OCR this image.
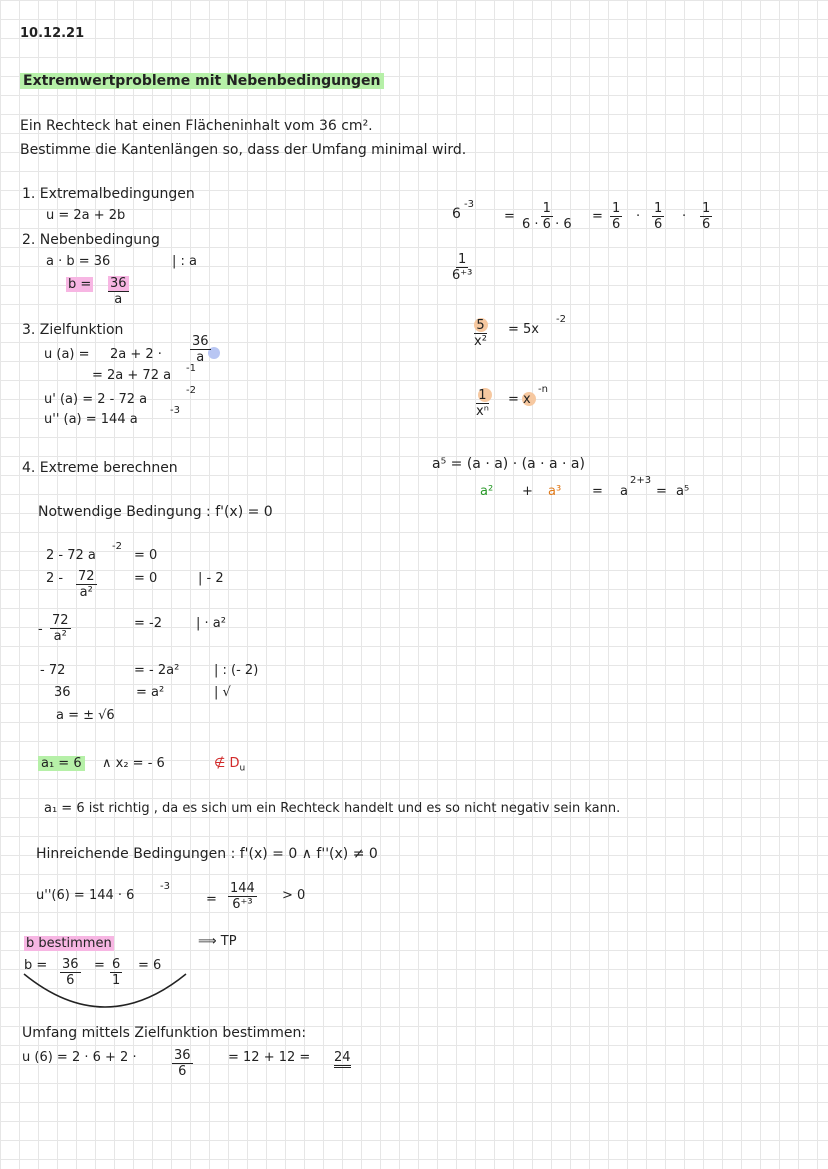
10.12.21
Extremwertprobleme mit Nebenbedingungen
Ein Rechteck hat einen Flächeninhalt vom 36 cm².
Bestimme die Kantenlängen so, dass der Umfang minimal wird.
1. Extremalbedingungen
u = 2a + 2b
2. Nebenbedingung
a · b = 36	| : a
$b = \frac{36}{a}$
3. Zielfunktion
u $(a) = 2a + 2 \cdot \frac{36}{a}$
= 2a + 72 a -1
u' (a) = 2 - 72 a
-2
u'' (a) = 144 a
-3
4. Extreme berechnen
Notwendige Bedingung : f'(x) = 0
2 - 72 a
-2
= 0
$2 - \frac{72}{\text{a²}}$	= 0	| - 2
- $\frac{72}{\text{a²}}$	= -2	| · a²
- 72	= - 2a²	| : (- 2)
36	= a²	| √
a = ± √6
a₁ = 6 ∧ x₂ = - 6	∉ $D_u$
a₁ = 6 ist richtig , da es sich um ein Rechteck handelt und es so nicht negativ sein kann.
Hinreichende Bedingungen : f'(x) = 0 ∧ f''(x) ≠ 0
u''(6) = 144 · 6
-3
= $\frac{144}{\text{6⁺³}} > 0$
⟹ TP
b bestimmen
$b = \frac{36}{6} = \frac{6}{1} = 6$
Umfang mittels Zielfunktion bestimmen:
u (6) = 2 · 6 + 2 ·	$\frac{36}{6}$	= 12 + 12 = 24
6
-3
= $\frac{1}{6 \cdot 6 \cdot 6} = \frac{1}{6} \cdot \frac{1}{6} \cdot \frac{1}{6}$
$\frac{1}{\text{6⁺³}}$
$\frac{5}{\text{x²}} = 5x$
-2
$\frac{1}{\text{xⁿ}} = x$
-n
a⁵ = (a · a) · (a · a · a)
a² + a³ = a
2+3
= a⁵
